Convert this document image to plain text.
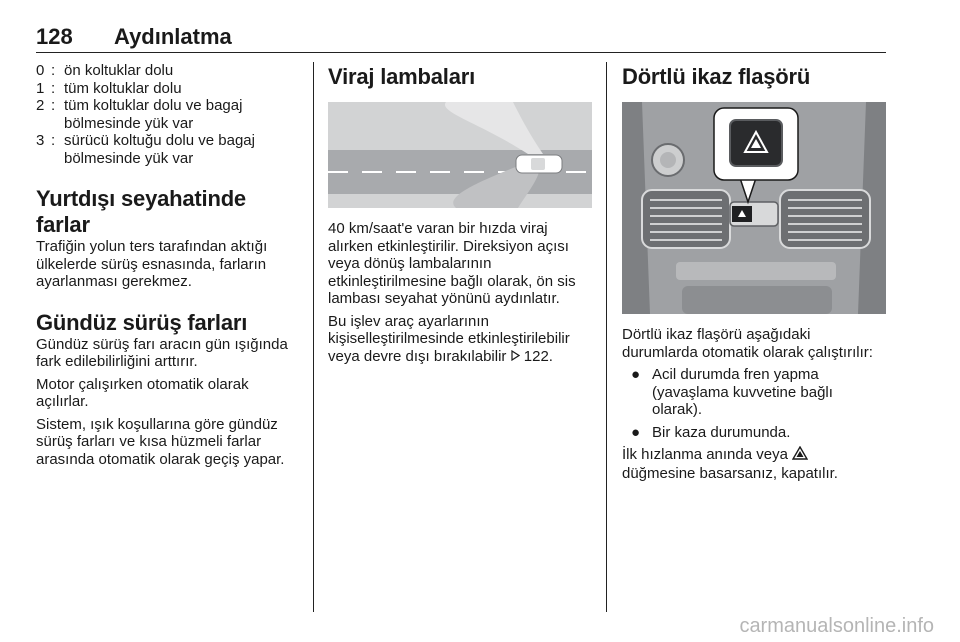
128 Aydınlatma
0 : ön koltuklar dolu
1 : tüm koltuklar dolu
2 : tüm koltuklar dolu ve bagaj bölmesinde yük var
3 : sürücü koltuğu dolu ve bagaj bölmesinde yük var
Yurtdışı seyahatinde farlar

Trafiğin yolun ters tarafından aktığı ülkelerde sürüş esnasında, farların ayarlanması gerekmez.

Gündüz sürüş farları

Gündüz sürüş farı aracın gün ışığında fark edilebilirliğini arttırır.

Motor çalışırken otomatik olarak açılırlar.

Sistem, ışık koşullarına göre gündüz sürüş farları ve kısa hüzmeli farlar arasında otomatik olarak geçiş yapar.

Viraj lambaları

40 km/saat'e varan bir hızda viraj alırken etkinleştirilir. Direksiyon açısı veya dönüş lambalarının etkinleştirilmesine bağlı olarak, ön sis lambası seyahat yönünü aydınlatır.

Bu işlev araç ayarlarının kişiselleştirilmesinde etkinleştirilebilir veya devre dışı bırakılabilir 122.

Dörtlü ikaz flaşörü

Dörtlü ikaz flaşörü aşağıdaki durumlarda otomatik olarak çalıştırılır:

● Acil durumda fren yapma (yavaşlama kuvvetine bağlı olarak).
● Bir kaza durumunda.

İlk hızlanma anında veya
düğmesine basarsanız, kapatılır.

carmanualsonline.info
